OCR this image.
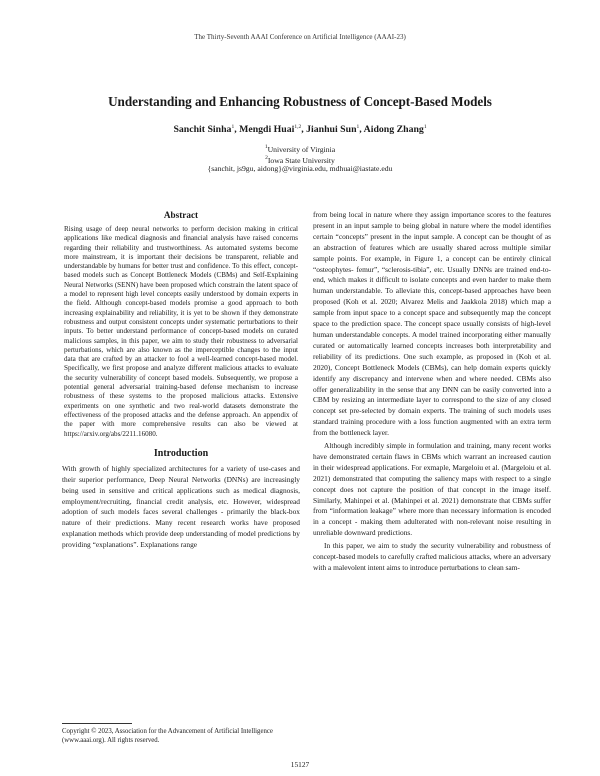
The Thirty-Seventh AAAI Conference on Artificial Intelligence (AAAI-23)
Understanding and Enhancing Robustness of Concept-Based Models
Sanchit Sinha$^1$, Mengdi Huai$^{1,2}$, Jianhui Sun$^1$, Aidong Zhang$^1$
$^1$University of Virginia
$^2$Iowa State University
{sanchit, js9gu, aidong}@virginia.edu, mdhuai@iastate.edu
Abstract

Rising usage of deep neural networks to perform decision making in critical applications like medical diagnosis and financial analysis have raised concerns regarding their reliability and trustworthiness. As automated systems become more mainstream, it is important their decisions be transparent, reliable and understandable by humans for better trust and confidence. To this effect, concept-based models such as Concept Bottleneck Models (CBMs) and Self-Explaining Neural Networks (SENN) have been proposed which constrain the latent space of a model to represent high level concepts easily understood by domain experts in the field. Although concept-based models promise a good approach to both increasing explainability and reliability, it is yet to be shown if they demonstrate robustness and output consistent concepts under systematic perturbations to their inputs. To better understand performance of concept-based models on curated malicious samples, in this paper, we aim to study their robustness to adversarial perturbations, which are also known as the imperceptible changes to the input data that are crafted by an attacker to fool a well-learned concept-based model. Specifically, we first propose and analyze different malicious attacks to evaluate the security vulnerability of concept based models. Subsequently, we propose a potential general adversarial training-based defense mechanism to increase robustness of these systems to the proposed malicious attacks. Extensive experiments on one synthetic and two real-world datasets demonstrate the effectiveness of the proposed attacks and the defense approach. An appendix of the paper with more comprehensive results can also be viewed at https://arxiv.org/abs/2211.16080.

Introduction

With growth of highly specialized architectures for a variety of use-cases and their superior performance, Deep Neural Networks (DNNs) are increasingly being used in sensitive and critical applications such as medical diagnosis, employment/recruiting, financial credit analysis, etc. However, widespread adoption of such models faces several challenges - primarily the black-box nature of their predictions. Many recent research works have proposed explanation methods which provide deep understanding of model predictions by providing “explanations”. Explanations range

from being local in nature where they assign importance scores to the features present in an input sample to being global in nature where the model identifies certain “concepts” present in the input sample. A concept can be thought of as an abstraction of features which are usually shared across multiple similar sample points. For example, in Figure 1, a concept can be entirely clinical “osteophytes- femur”, “sclerosis-tibia”, etc. Usually DNNs are trained end-to-end, which makes it difficult to isolate concepts and even harder to make them human understandable. To alleviate this, concept-based approaches have been proposed (Koh et al. 2020; Alvarez Melis and Jaakkola 2018) which map a sample from input space to a concept space and subsequently map the concept space to the prediction space. The concept space usually consists of high-level human understandable concepts. A model trained incorporating either manually curated or automatically learned concepts increases both interpretability and reliability of its predictions. One such example, as proposed in (Koh et al. 2020), Concept Bottleneck Models (CBMs), can help domain experts quickly identify any discrepancy and intervene when and where needed. CBMs also offer generalizability in the sense that any DNN can be easily converted into a CBM by resizing an intermediate layer to correspond to the size of any closed concept set pre-selected by domain experts. The training of such models uses standard training procedure with a loss function augmented with an extra term from the bottleneck layer.

Although incredibly simple in formulation and training, many recent works have demonstrated certain flaws in CBMs which warrant an increased caution in their widespread applications. For exmaple, Margeloiu et al. (Margeloiu et al. 2021) demonstrated that computing the saliency maps with respect to a single concept does not capture the position of that concept in the image itself. Similarly, Mahinpei et al. (Mahinpei et al. 2021) demonstrate that CBMs suffer from “information leakage” where more than necessary information is encoded in a concept - making them adulterated with non-relevant noise resulting in unreliable downward predictions.

In this paper, we aim to study the security vulnerability and robustness of concept-based models to carefully crafted malicious attacks, where an adversary with a malevolent intent aims to introduce perturbations to clean sam-

Copyright © 2023, Association for the Advancement of Artificial Intelligence (www.aaai.org). All rights reserved.
15127
